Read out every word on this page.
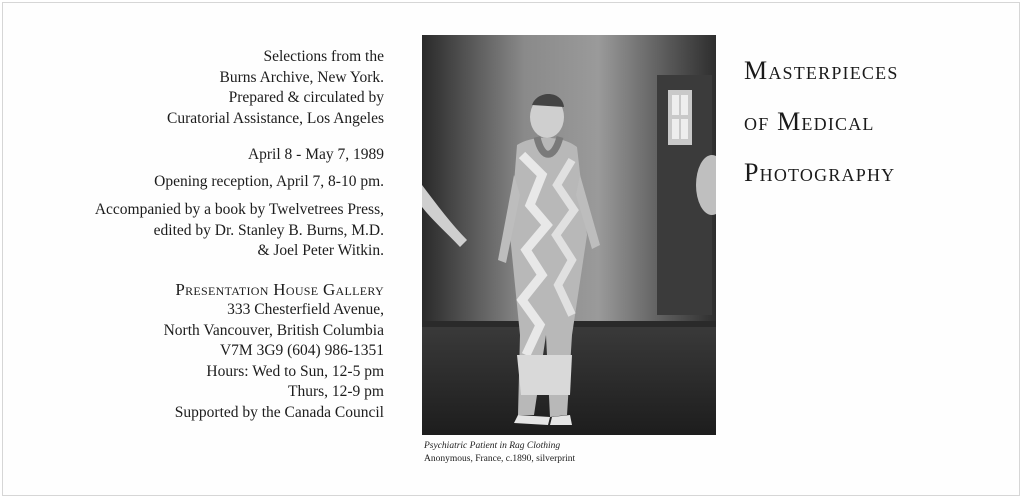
Selections from the
Burns Archive, New York.
Prepared & circulated by
Curatorial Assistance, Los Angeles
April 8 - May 7, 1989
Opening reception, April 7, 8-10 pm.
Accompanied by a book by Twelvetrees Press,
edited by Dr. Stanley B. Burns, M.D.
& Joel Peter Witkin.
Presentation House Gallery
333 Chesterfield Avenue,
North Vancouver, British Columbia
V7M 3G9 (604) 986-1351
Hours: Wed to Sun, 12-5 pm
Thurs, 12-9 pm
Supported by the Canada Council
Psychiatric Patient in Rag Clothing
Anonymous, France, c.1890, silverprint
Masterpieces
of Medical
Photography
